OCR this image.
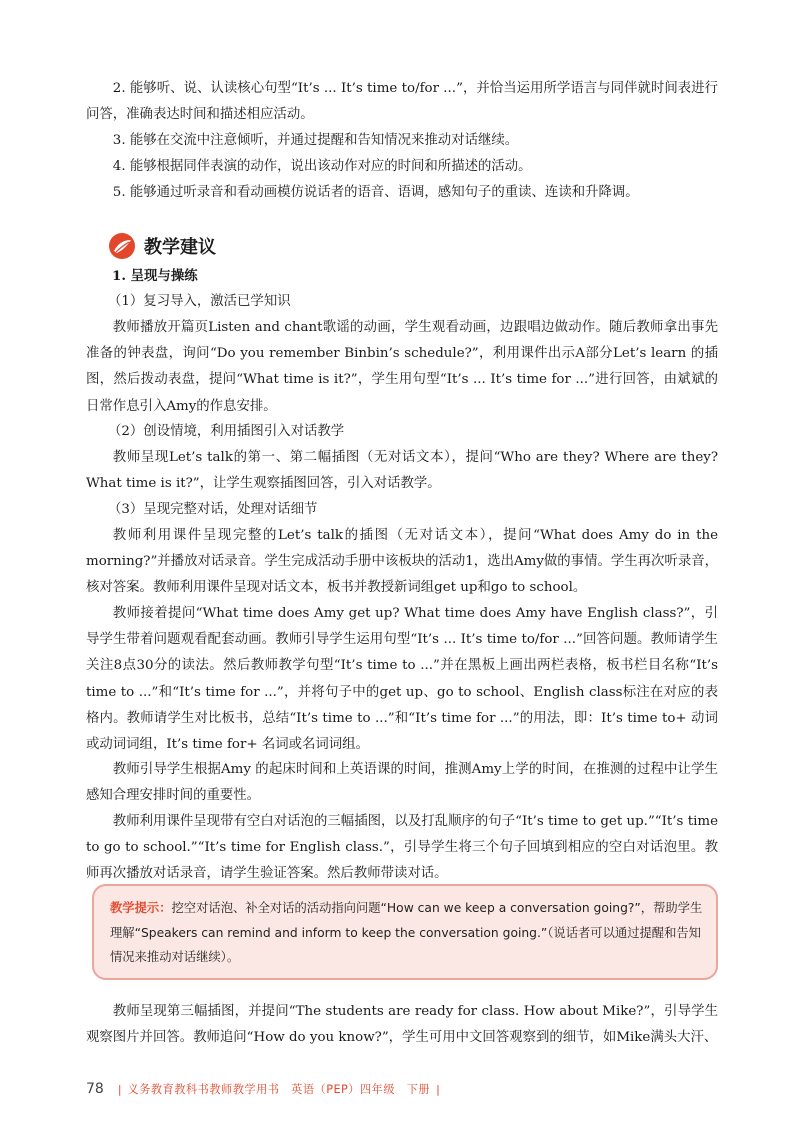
2. 能够听、说、认读核心句型“It’s ... It’s time to/for ...”，并恰当运用所学语言与同伴就时间表进行问答，准确表达时间和描述相应活动。

3. 能够在交流中注意倾听，并通过提醒和告知情况来推动对话继续。

4. 能够根据同伴表演的动作，说出该动作对应的时间和所描述的活动。

5. 能够通过听录音和看动画模仿说话者的语音、语调，感知句子的重读、连读和升降调。

教学建议

1. 呈现与操练

（1）复习导入，激活已学知识

教师播放开篇页Listen and chant歌谣的动画，学生观看动画，边跟唱边做动作。随后教师拿出事先准备的钟表盘，询问“Do you remember Binbin’s schedule?”，利用课件出示A部分Let’s learn 的插图，然后拨动表盘，提问“What time is it?”，学生用句型“It’s ... It’s time for ...”进行回答，由斌斌的日常作息引入Amy的作息安排。

（2）创设情境，利用插图引入对话教学

教师呈现Let’s talk的第一、第二幅插图（无对话文本），提问“Who are they? Where are they? What time is it?”，让学生观察插图回答，引入对话教学。

（3）呈现完整对话，处理对话细节

教师利用课件呈现完整的Let’s talk的插图（无对话文本），提问“What does Amy do in the morning?”并播放对话录音。学生完成活动手册中该板块的活动1，选出Amy做的事情。学生再次听录音，核对答案。教师利用课件呈现对话文本，板书并教授新词组get up和go to school。

教师接着提问“What time does Amy get up? What time does Amy have English class?”，引导学生带着问题观看配套动画。教师引导学生运用句型“It’s ... It’s time to/for ...”回答问题。教师请学生关注8点30分的读法。然后教师教学句型“It’s time to ...”并在黑板上画出两栏表格，板书栏目名称“It’s time to ...”和“It’s time for ...”，并将句子中的get up、go to school、English class标注在对应的表格内。教师请学生对比板书，总结“It’s time to ...”和“It’s time for ...”的用法，即：It’s time to+ 动词或动词词组，It’s time for+ 名词或名词词组。

教师引导学生根据Amy 的起床时间和上英语课的时间，推测Amy上学的时间，在推测的过程中让学生感知合理安排时间的重要性。

教师利用课件呈现带有空白对话泡的三幅插图，以及打乱顺序的句子“It’s time to get up.”“It’s time to go to school.”“It’s time for English class.”，引导学生将三个句子回填到相应的空白对话泡里。教师再次播放对话录音，请学生验证答案。然后教师带读对话。

教学提示：挖空对话泡、补全对话的活动指向问题“How can we keep a conversation going?”，帮助学生理解“Speakers can remind and inform to keep the conversation going.”（说话者可以通过提醒和告知情况来推动对话继续）。

教师呈现第三幅插图，并提问“The students are ready for class. How about Mike?”，引导学生观察图片并回答。教师追问“How do you know?”，学生可用中文回答观察到的细节，如Mike满头大汗、

78 | 义务教育教科书教师教学用书　英语（PEP）四年级　下册 |
